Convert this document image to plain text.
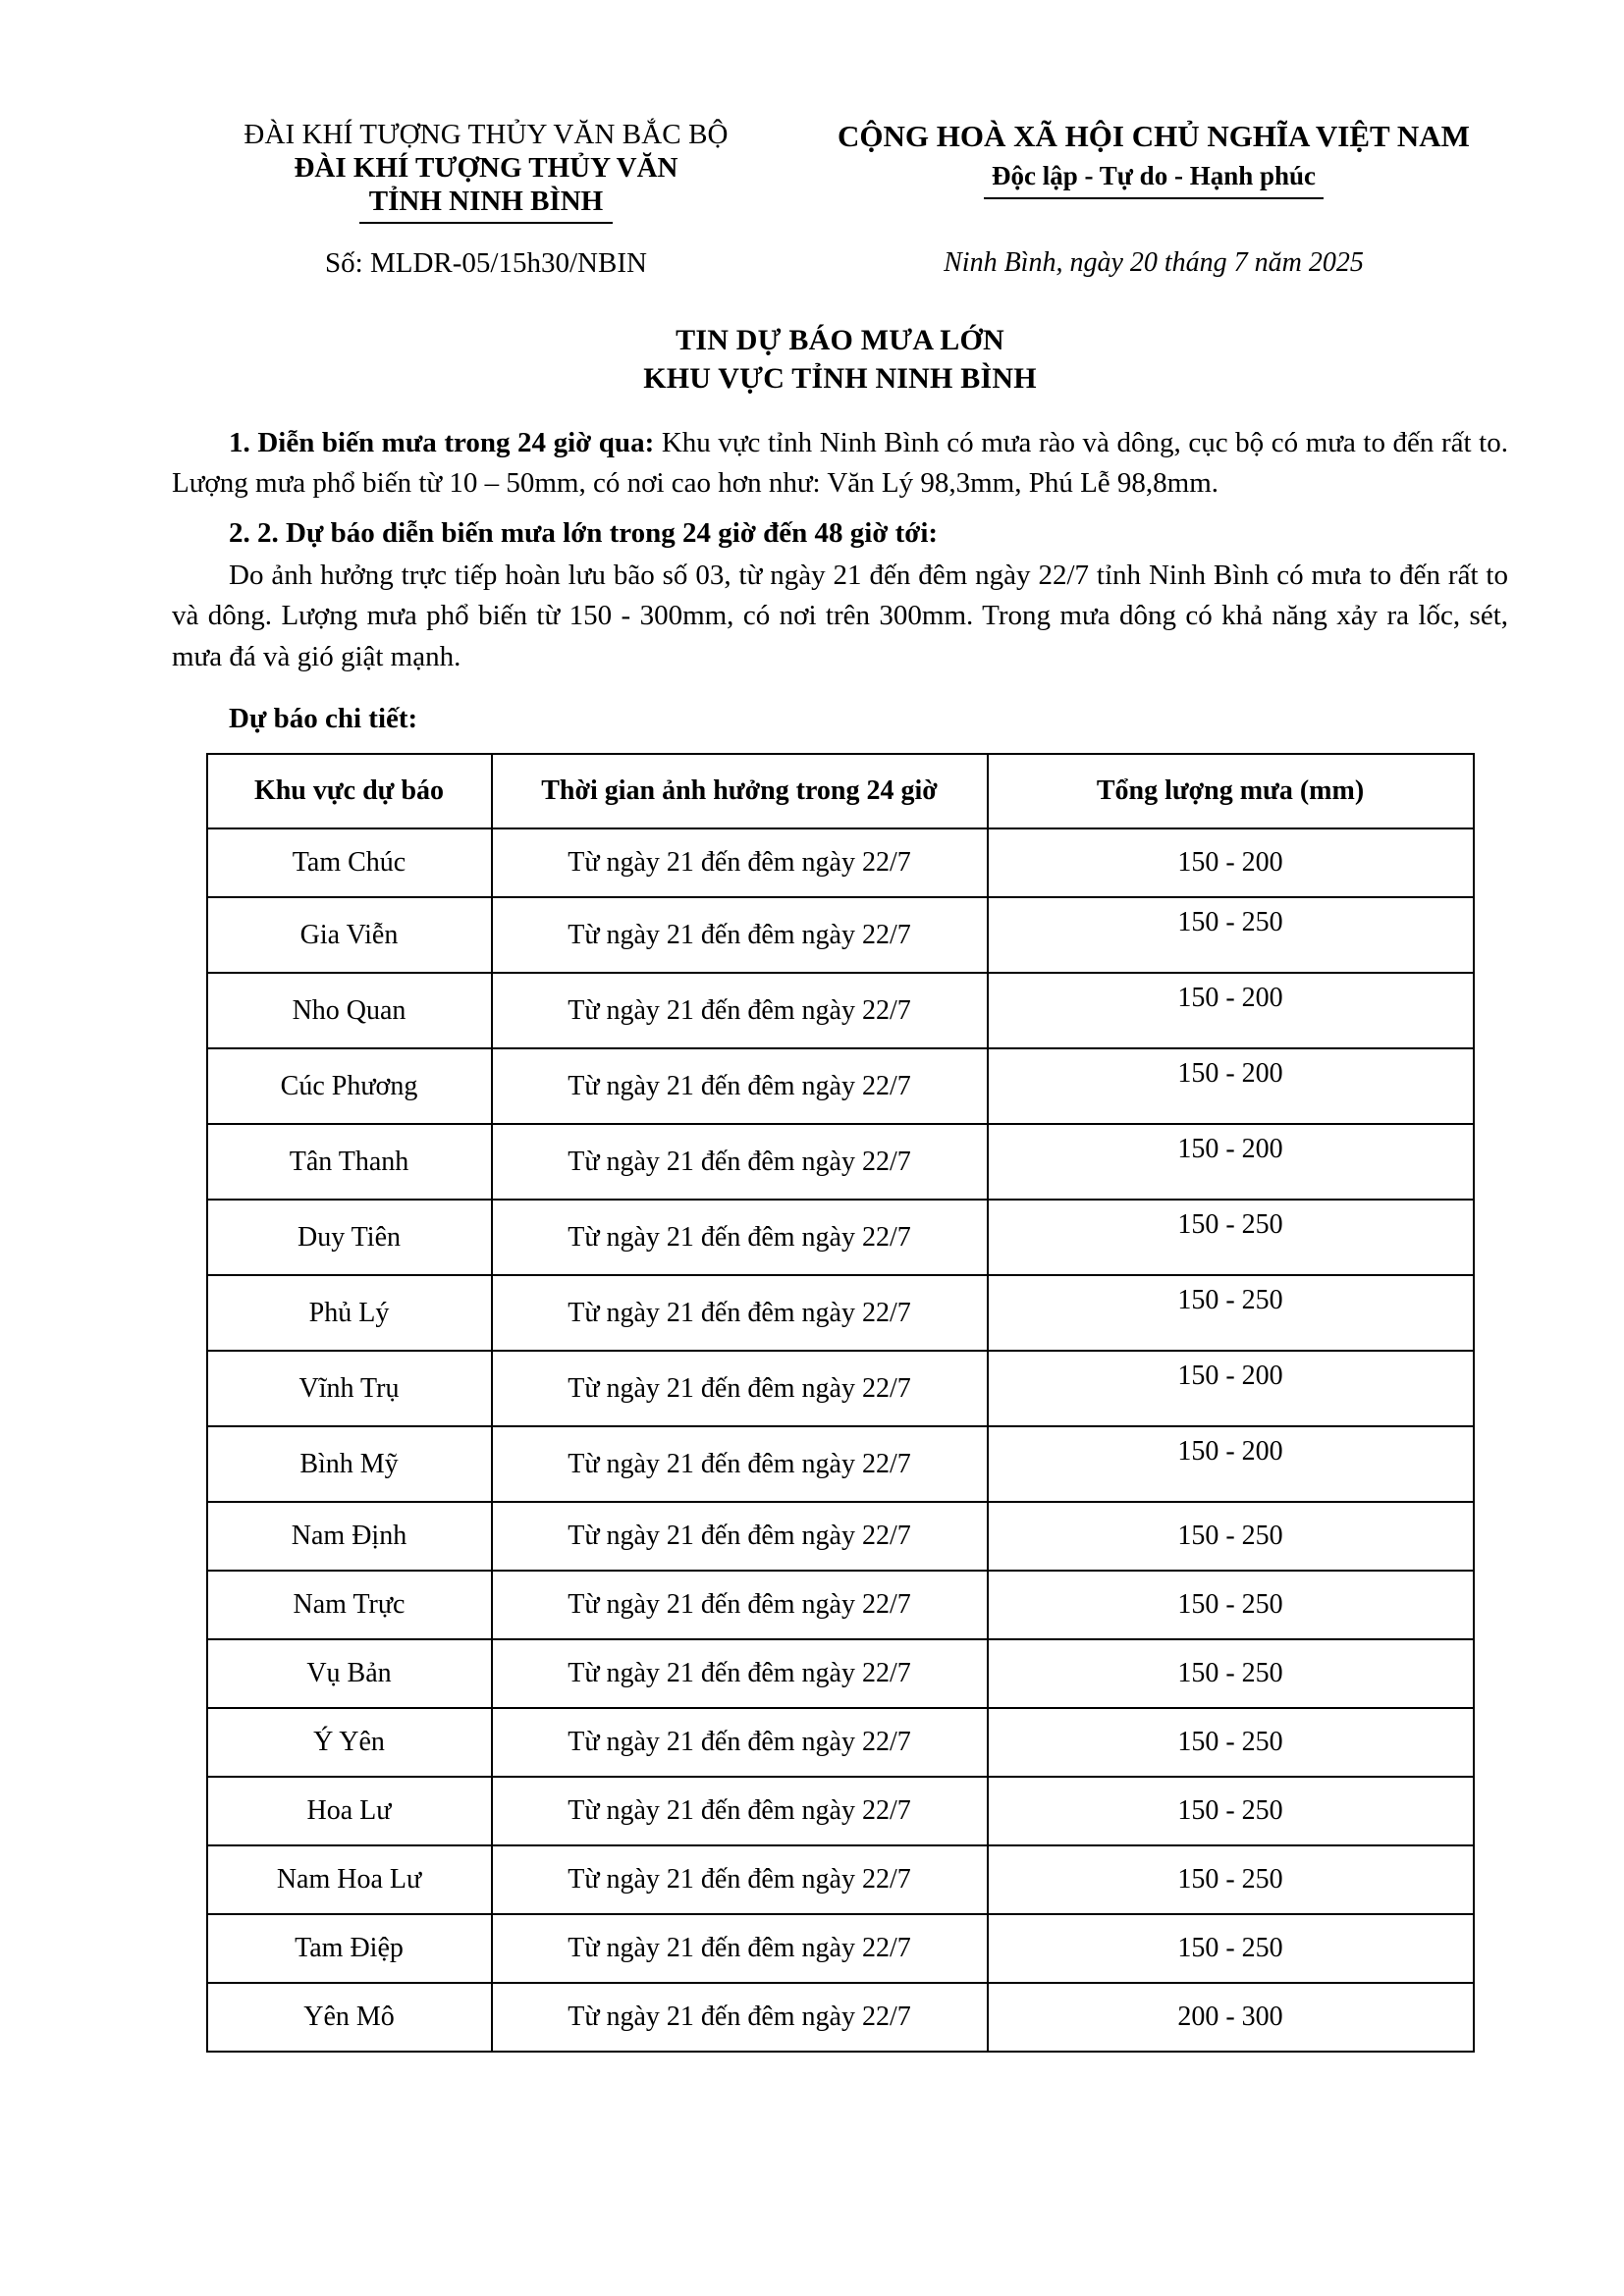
ĐÀI KHÍ TƯỢNG THỦY VĂN BẮC BỘ
ĐÀI KHÍ TƯỢNG THỦY VĂN
TỈNH NINH BÌNH
CỘNG HOÀ XÃ HỘI CHỦ NGHĨA VIỆT NAM
Độc lập - Tự do - Hạnh phúc
Số: MLDR-05/15h30/NBIN	Ninh Bình, ngày 20 tháng 7 năm 2025
TIN DỰ BÁO MƯA LỚN
KHU VỰC TỈNH NINH BÌNH

1. Diễn biến mưa trong 24 giờ qua: Khu vực tỉnh Ninh Bình có mưa rào và dông, cục bộ có mưa to đến rất to. Lượng mưa phổ biến từ 10 – 50mm, có nơi cao hơn như: Văn Lý 98,3mm, Phú Lễ 98,8mm.

2. 2. Dự báo diễn biến mưa lớn trong 24 giờ đến 48 giờ tới:

Do ảnh hưởng trực tiếp hoàn lưu bão số 03, từ ngày 21 đến đêm ngày 22/7 tỉnh Ninh Bình có mưa to đến rất to và dông. Lượng mưa phổ biến từ 150 - 300mm, có nơi trên 300mm. Trong mưa dông có khả năng xảy ra lốc, sét, mưa đá và gió giật mạnh.

Dự báo chi tiết:

Khu vực dự báo	Thời gian ảnh hưởng trong 24 giờ	Tổng lượng mưa (mm)
Tam Chúc	Từ ngày 21 đến đêm ngày 22/7	150 - 200
Gia Viễn	Từ ngày 21 đến đêm ngày 22/7	150 - 250
Nho Quan	Từ ngày 21 đến đêm ngày 22/7	150 - 200
Cúc Phương	Từ ngày 21 đến đêm ngày 22/7	150 - 200
Tân Thanh	Từ ngày 21 đến đêm ngày 22/7	150 - 200
Duy Tiên	Từ ngày 21 đến đêm ngày 22/7	150 - 250
Phủ Lý	Từ ngày 21 đến đêm ngày 22/7	150 - 250
Vĩnh Trụ	Từ ngày 21 đến đêm ngày 22/7	150 - 200
Bình Mỹ	Từ ngày 21 đến đêm ngày 22/7	150 - 200
Nam Định	Từ ngày 21 đến đêm ngày 22/7	150 - 250
Nam Trực	Từ ngày 21 đến đêm ngày 22/7	150 - 250
Vụ Bản	Từ ngày 21 đến đêm ngày 22/7	150 - 250
Ý Yên	Từ ngày 21 đến đêm ngày 22/7	150 - 250
Hoa Lư	Từ ngày 21 đến đêm ngày 22/7	150 - 250
Nam Hoa Lư	Từ ngày 21 đến đêm ngày 22/7	150 - 250
Tam Điệp	Từ ngày 21 đến đêm ngày 22/7	150 - 250
Yên Mô	Từ ngày 21 đến đêm ngày 22/7	200 - 300
